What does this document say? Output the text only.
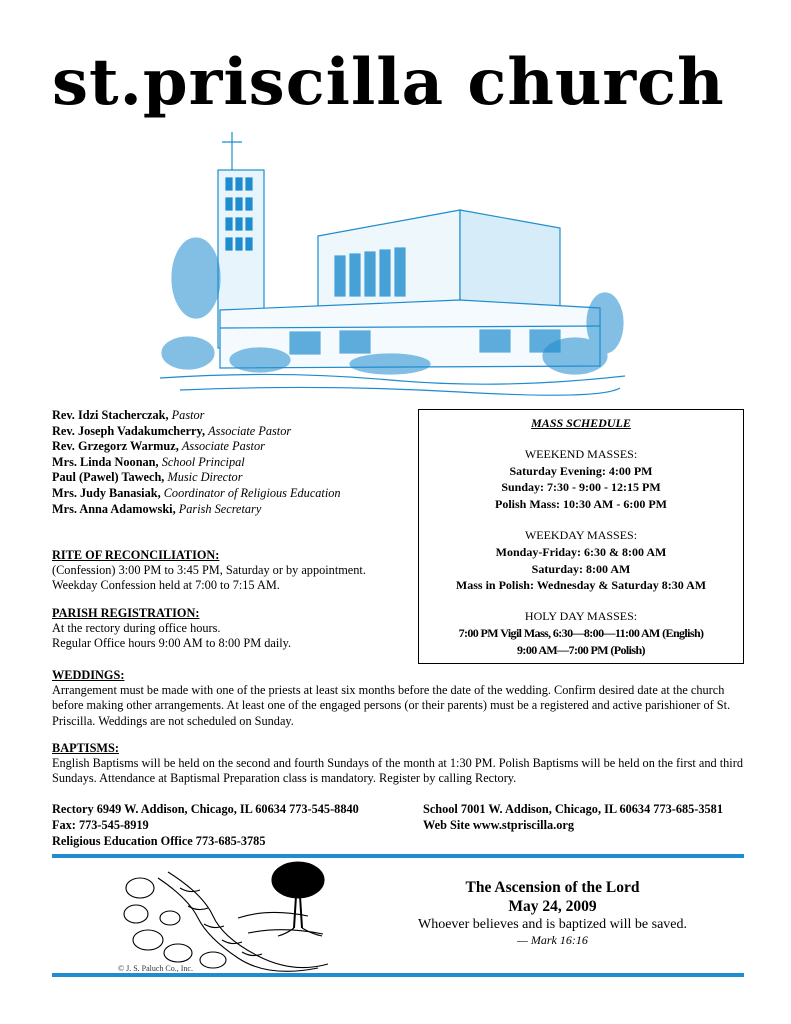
st.priscilla church
Rev. Idzi Stacherczak, Pastor
Rev. Joseph Vadakumcherry, Associate Pastor
Rev. Grzegorz Warmuz, Associate Pastor
Mrs. Linda Noonan, School Principal
Paul (Pawel) Tawech, Music Director
Mrs. Judy Banasiak, Coordinator of Religious Education
Mrs. Anna Adamowski, Parish Secretary
RITE OF RECONCILIATION:
(Confession) 3:00 PM to 3:45 PM, Saturday or by appointment.
Weekday Confession held at 7:00 to 7:15 AM.
PARISH REGISTRATION:
At the rectory during office hours.
Regular Office hours 9:00 AM to 8:00 PM daily.
MASS SCHEDULE
WEEKEND MASSES:
Saturday Evening: 4:00 PM
Sunday: 7:30 - 9:00 - 12:15 PM
Polish Mass: 10:30 AM - 6:00 PM
WEEKDAY MASSES:
Monday-Friday: 6:30 & 8:00 AM
Saturday: 8:00 AM
Mass in Polish: Wednesday & Saturday 8:30 AM
HOLY DAY MASSES:
7:00 PM Vigil Mass, 6:30—8:00—11:00 AM (English)
9:00 AM—7:00 PM (Polish)
WEDDINGS:
Arrangement must be made with one of the priests at least six months before the date of the wedding. Confirm desired date at the church
before making other arrangements. At least one of the engaged persons (or their parents) must be a registered and active parishioner of St.
Priscilla. Weddings are not scheduled on Sunday.
BAPTISMS:
English Baptisms will be held on the second and fourth Sundays of the month at 1:30 PM. Polish Baptisms will be held on the first and third
Sundays. Attendance at Baptismal Preparation class is mandatory. Register by calling Rectory.
Rectory 6949 W. Addison, Chicago, IL 60634 773-545-8840
Fax: 773-545-8919
Religious Education Office 773-685-3785
School 7001 W. Addison, Chicago, IL 60634 773-685-3581
Web Site www.stpriscilla.org
© J. S. Paluch Co., Inc.
The Ascension of the Lord
May 24, 2009
Whoever believes and is baptized will be saved.
— Mark 16:16
